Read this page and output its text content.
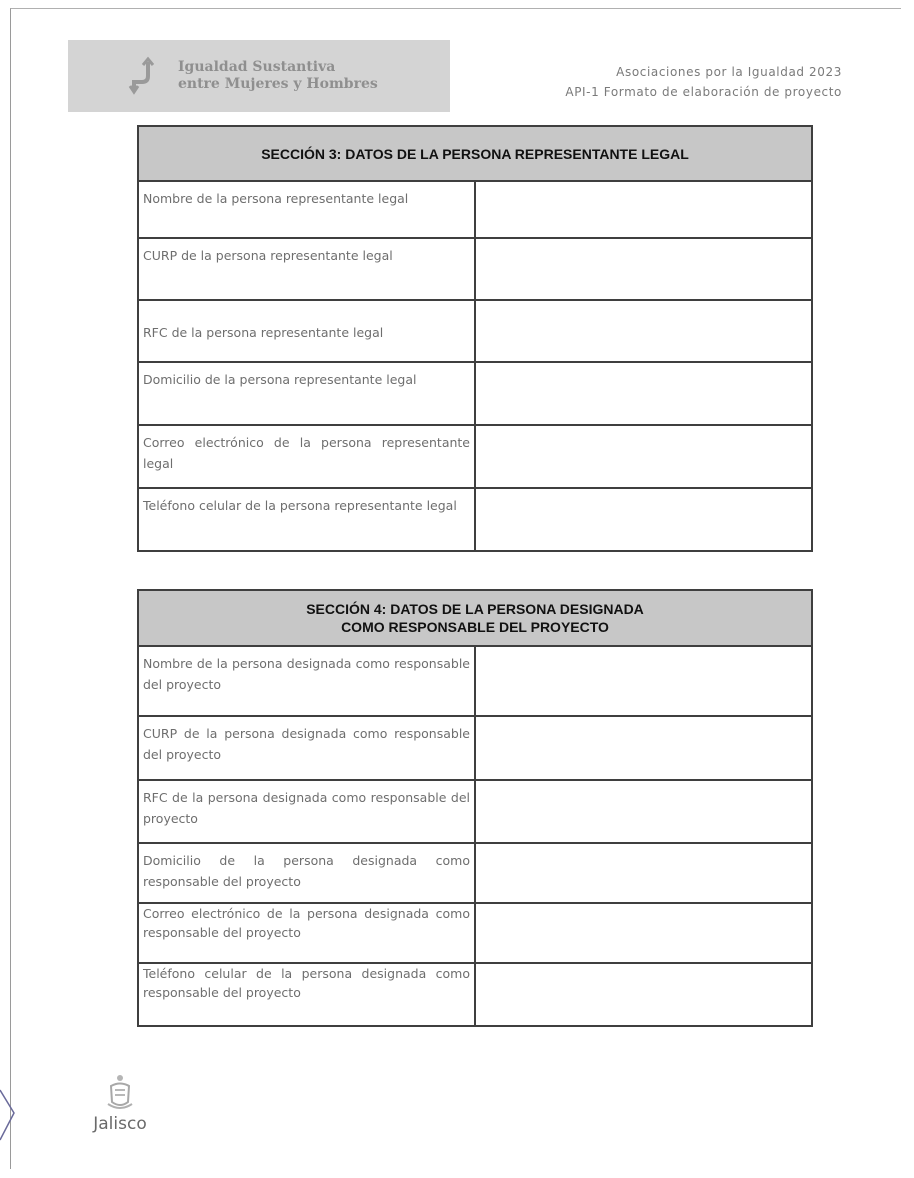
Igualdad Sustantiva
entre Mujeres y Hombres
Asociaciones por la Igualdad 2023
API-1 Formato de elaboración de proyecto
SECCIÓN 3: DATOS DE LA PERSONA REPRESENTANTE LEGAL	
Nombre de la persona representante legal	
CURP de la persona representante legal	
RFC de la persona representante legal	
Domicilio de la persona representante legal	
Correo electrónico de la persona representante legal	
Teléfono celular de la persona representante legal	
SECCIÓN 4: DATOS DE LA PERSONA DESIGNADA
COMO RESPONSABLE DEL PROYECTO	

Nombre de la persona designada como responsable del proyecto	
CURP de la persona designada como responsable del proyecto	
RFC de la persona designada como responsable del proyecto	
Domicilio de la persona designada como responsable del proyecto	
Correo electrónico de la persona designada como responsable del proyecto	
Teléfono celular de la persona designada como responsable del proyecto	
Jalisco
